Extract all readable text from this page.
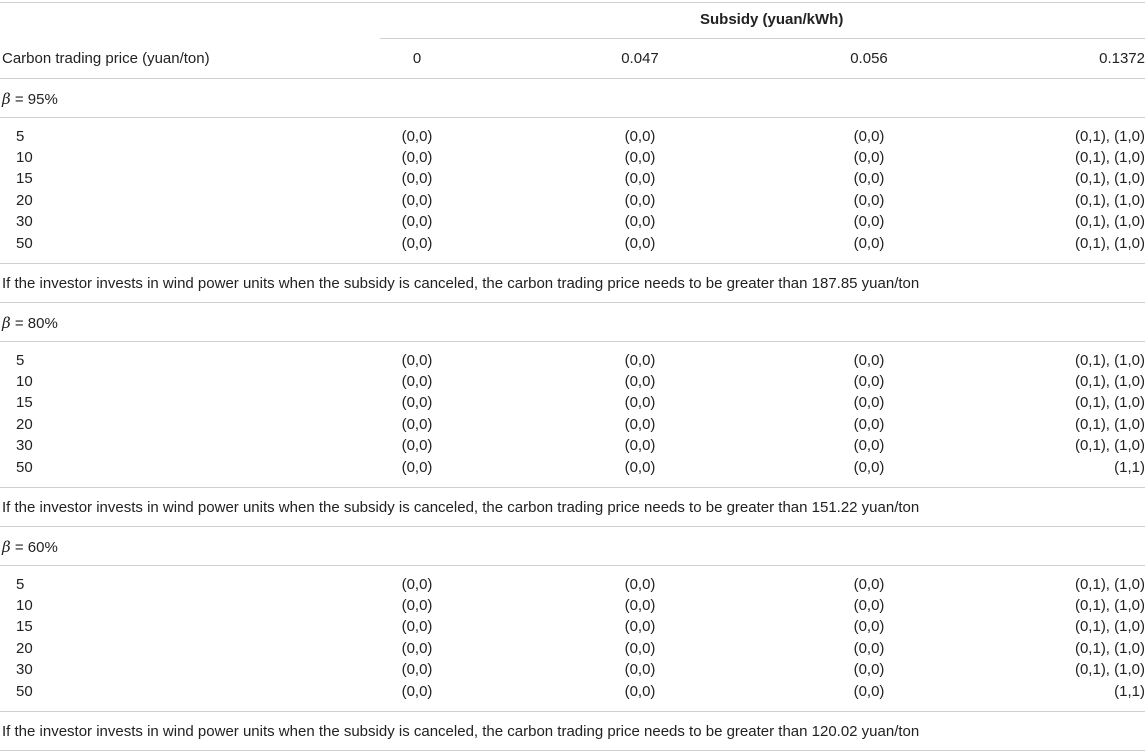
Subsidy (yuan/kWh)
Carbon trading price (yuan/ton)	0	0.047	0.056	0.1372
β = 95%
5	(0,0)	(0,0)	(0,0)	(0,1), (1,0)
10	(0,0)	(0,0)	(0,0)	(0,1), (1,0)
15	(0,0)	(0,0)	(0,0)	(0,1), (1,0)
20	(0,0)	(0,0)	(0,0)	(0,1), (1,0)
30	(0,0)	(0,0)	(0,0)	(0,1), (1,0)
50	(0,0)	(0,0)	(0,0)	(0,1), (1,0)
If the investor invests in wind power units when the subsidy is canceled, the carbon trading price needs to be greater than 187.85 yuan/ton
β = 80%
5	(0,0)	(0,0)	(0,0)	(0,1), (1,0)
10	(0,0)	(0,0)	(0,0)	(0,1), (1,0)
15	(0,0)	(0,0)	(0,0)	(0,1), (1,0)
20	(0,0)	(0,0)	(0,0)	(0,1), (1,0)
30	(0,0)	(0,0)	(0,0)	(0,1), (1,0)
50	(0,0)	(0,0)	(0,0)	(1,1)
If the investor invests in wind power units when the subsidy is canceled, the carbon trading price needs to be greater than 151.22 yuan/ton
β = 60%
5	(0,0)	(0,0)	(0,0)	(0,1), (1,0)
10	(0,0)	(0,0)	(0,0)	(0,1), (1,0)
15	(0,0)	(0,0)	(0,0)	(0,1), (1,0)
20	(0,0)	(0,0)	(0,0)	(0,1), (1,0)
30	(0,0)	(0,0)	(0,0)	(0,1), (1,0)
50	(0,0)	(0,0)	(0,0)	(1,1)
If the investor invests in wind power units when the subsidy is canceled, the carbon trading price needs to be greater than 120.02 yuan/ton
